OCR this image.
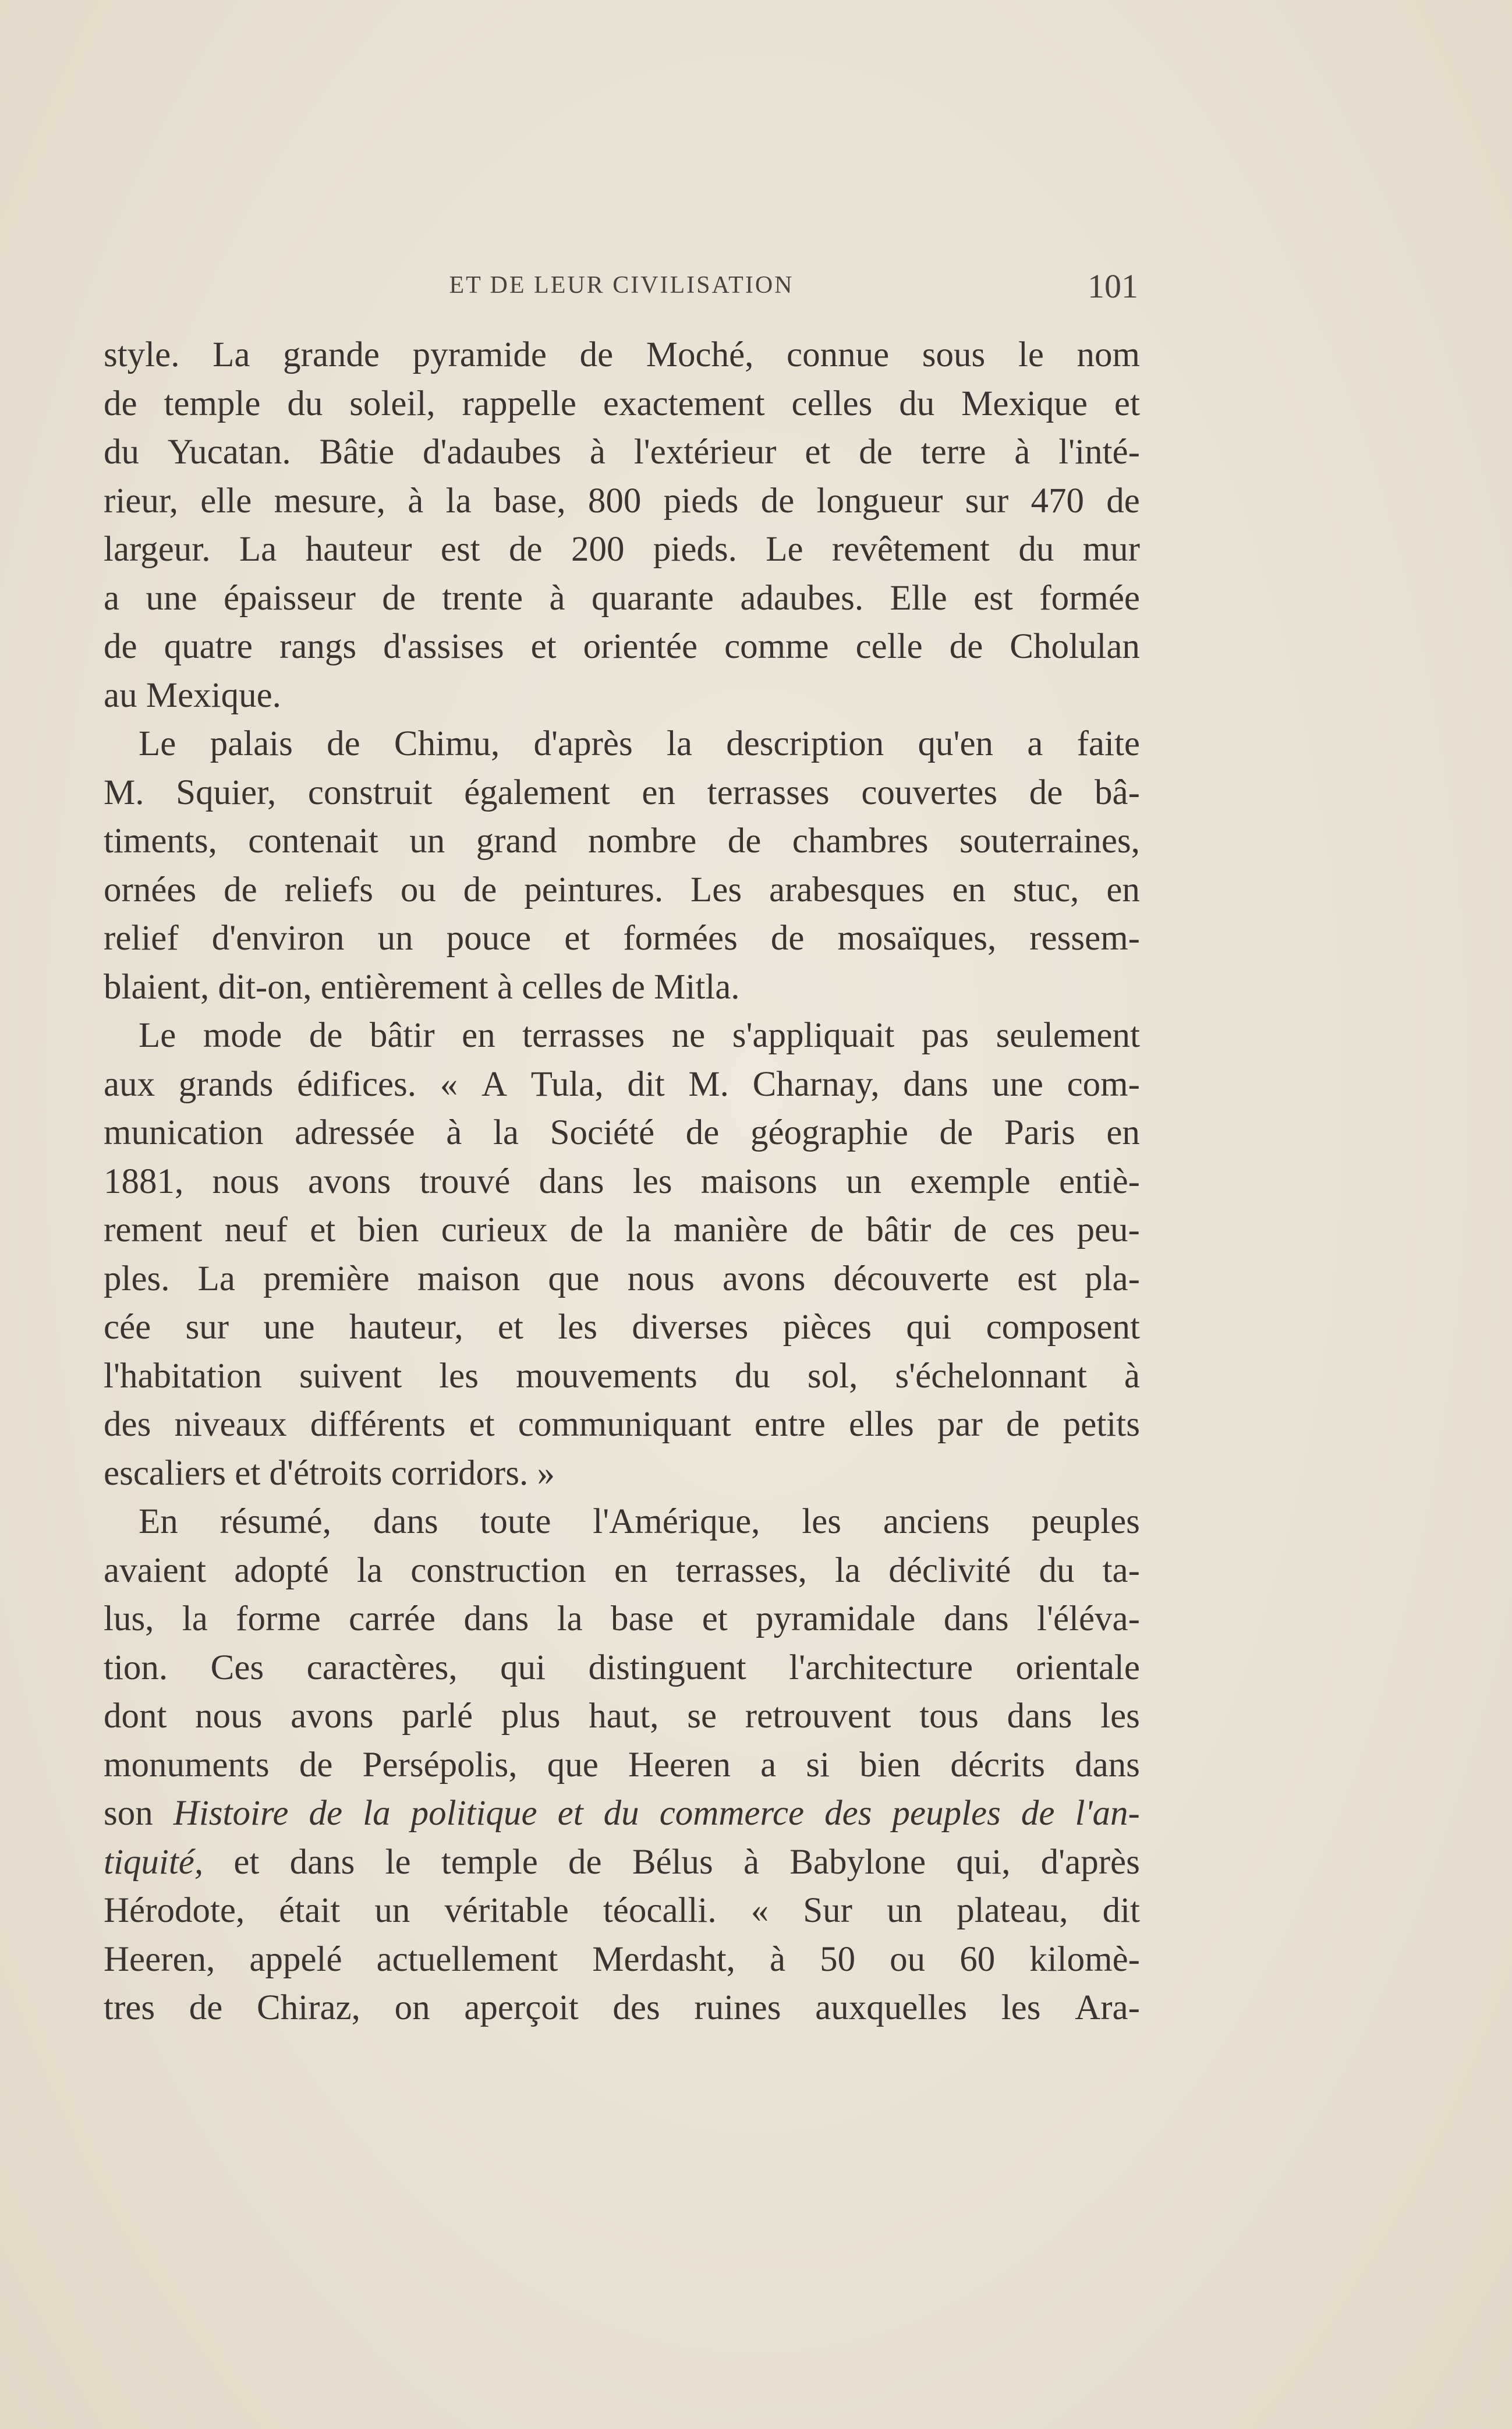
ET DE LEUR CIVILISATION	101
style. La grande pyramide de Moché, connue sous le nom
de temple du soleil, rappelle exactement celles du Mexique et
du Yucatan. Bâtie d'adaubes à l'extérieur et de terre à l'inté-
rieur, elle mesure, à la base, 800 pieds de longueur sur 470 de
largeur. La hauteur est de 200 pieds. Le revêtement du mur
a une épaisseur de trente à quarante adaubes. Elle est formée
de quatre rangs d'assises et orientée comme celle de Cholulan
au Mexique.
Le palais de Chimu, d'après la description qu'en a faite
M. Squier, construit également en terrasses couvertes de bâ-
timents, contenait un grand nombre de chambres souterraines,
ornées de reliefs ou de peintures. Les arabesques en stuc, en
relief d'environ un pouce et formées de mosaïques, ressem-
blaient, dit-on, entièrement à celles de Mitla.
Le mode de bâtir en terrasses ne s'appliquait pas seulement
aux grands édifices. « A Tula, dit M. Charnay, dans une com-
munication adressée à la Société de géographie de Paris en
1881, nous avons trouvé dans les maisons un exemple entiè-
rement neuf et bien curieux de la manière de bâtir de ces peu-
ples. La première maison que nous avons découverte est pla-
cée sur une hauteur, et les diverses pièces qui composent
l'habitation suivent les mouvements du sol, s'échelonnant à
des niveaux différents et communiquant entre elles par de petits
escaliers et d'étroits corridors. »
En résumé, dans toute l'Amérique, les anciens peuples
avaient adopté la construction en terrasses, la déclivité du ta-
lus, la forme carrée dans la base et pyramidale dans l'éléva-
tion. Ces caractères, qui distinguent l'architecture orientale
dont nous avons parlé plus haut, se retrouvent tous dans les
monuments de Persépolis, que Heeren a si bien décrits dans
son Histoire de la politique et du commerce des peuples de l'an-
tiquité, et dans le temple de Bélus à Babylone qui, d'après
Hérodote, était un véritable téocalli. « Sur un plateau, dit
Heeren, appelé actuellement Merdasht, à 50 ou 60 kilomè-
tres de Chiraz, on aperçoit des ruines auxquelles les Ara-
